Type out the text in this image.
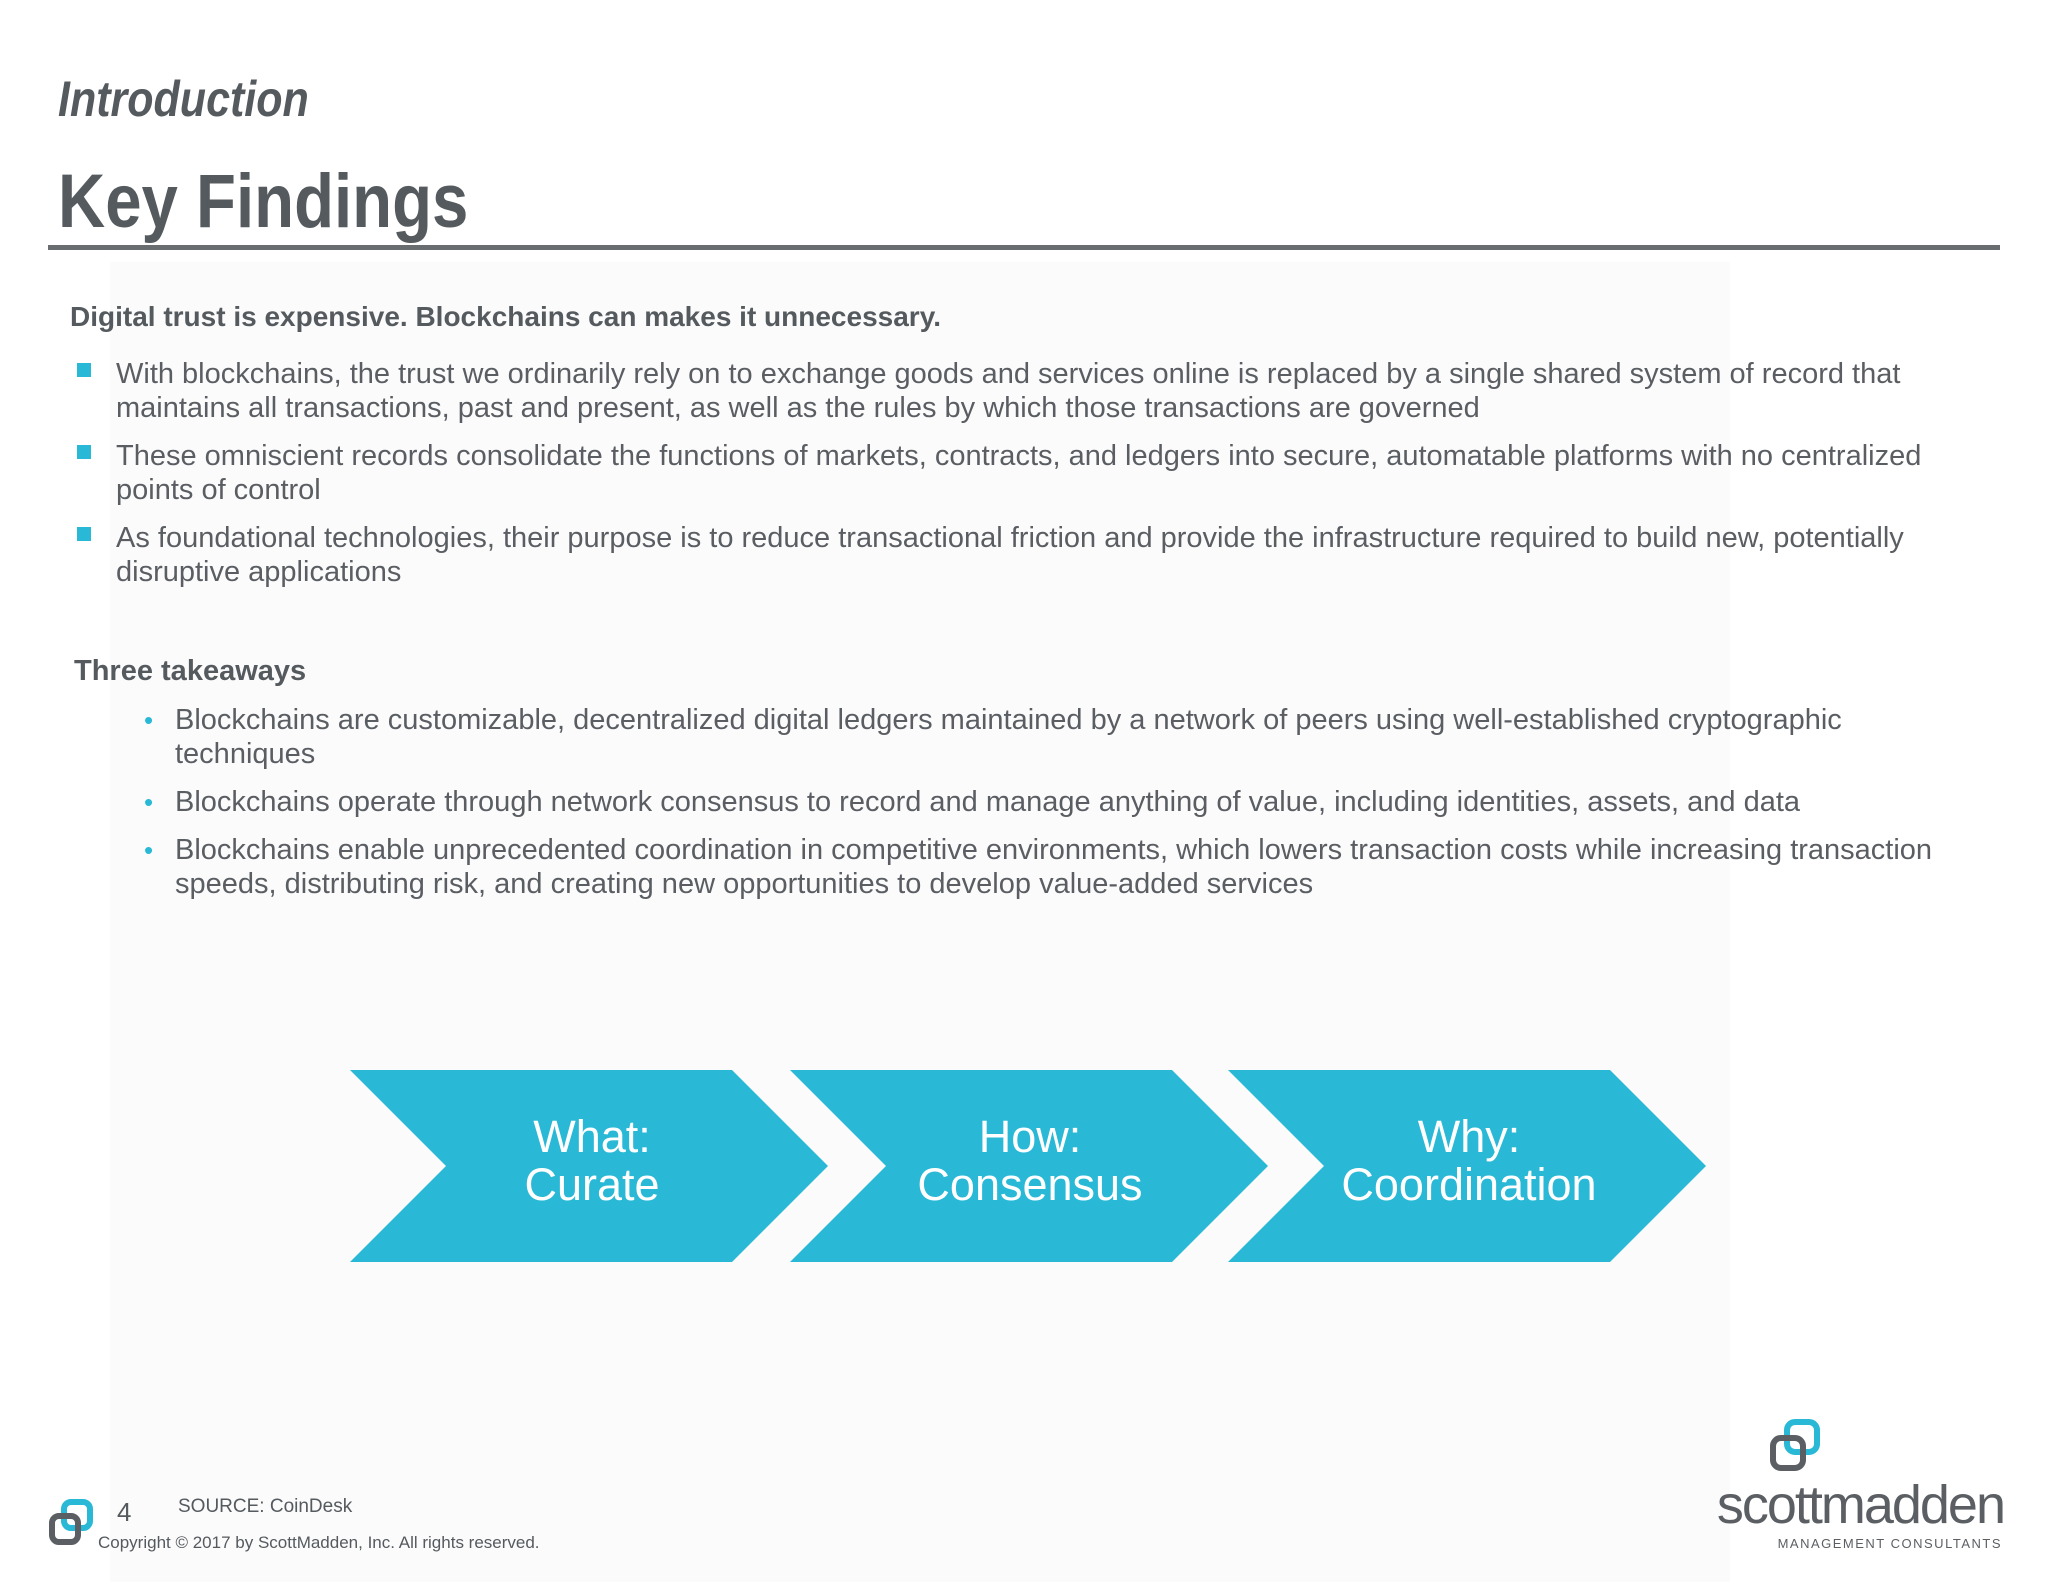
Introduction
Key Findings
Digital trust is expensive. Blockchains can makes it unnecessary.
With blockchains, the trust we ordinarily rely on to exchange goods and services online is replaced by a single shared system of record that maintains all transactions, past and present, as well as the rules by which those transactions are governed
These omniscient records consolidate the functions of markets, contracts, and ledgers into secure, automatable platforms with no centralized points of control
As foundational technologies, their purpose is to reduce transactional friction and provide the infrastructure required to build new, potentially disruptive applications
Three takeaways
• Blockchains are customizable, decentralized digital ledgers maintained by a network of peers using well-established cryptographic techniques
• Blockchains operate through network consensus to record and manage anything of value, including identities, assets, and data
• Blockchains enable unprecedented coordination in competitive environments, which lowers transaction costs while increasing transaction speeds, distributing risk, and creating new opportunities to develop value-added services
What:
Curate
How:
Consensus
Why:
Coordination
4 SOURCE: CoinDesk
Copyright © 2017 by ScottMadden, Inc. All rights reserved.
scottmadden
MANAGEMENT CONSULTANTS
